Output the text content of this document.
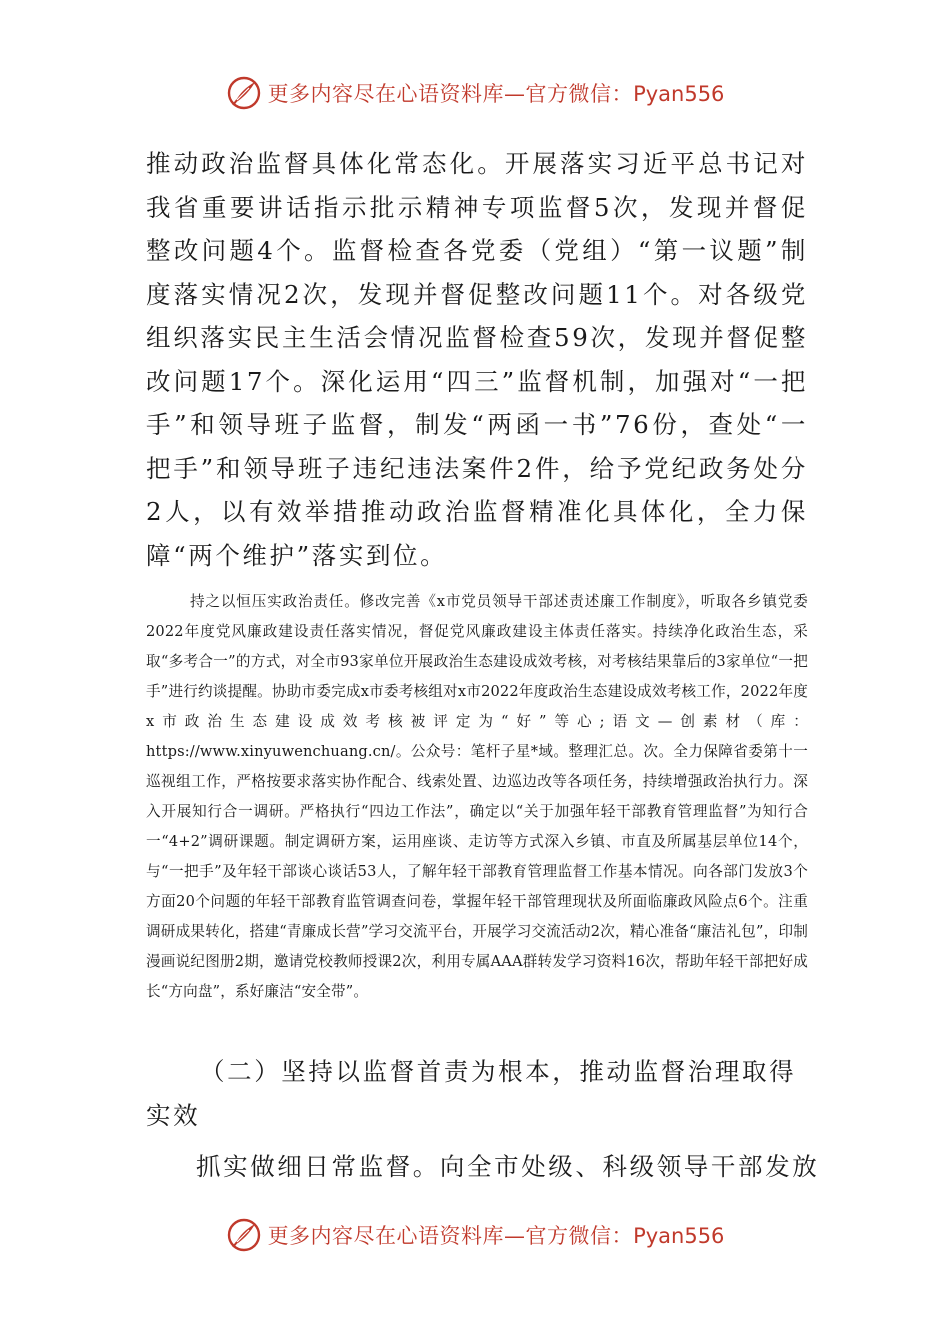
更多内容尽在心语资料库—官方微信：Pyan556

推动政治监督具体化常态化。开展落实习近平总书记对我省重要讲话指示批示精神专项监督5次，发现并督促整改问题4个。监督检查各党委（党组）“第一议题”制度落实情况2次，发现并督促整改问题11个。对各级党组织落实民主生活会情况监督检查59次，发现并督促整改问题17个。深化运用“四三”监督机制，加强对“一把手”和领导班子监督，制发“两函一书”76份，查处“一把手”和领导班子违纪违法案件2件，给予党纪政务处分2人，以有效举措推动政治监督精准化具体化，全力保障“两个维护”落实到位。

持之以恒压实政治责任。修改完善《x市党员领导干部述责述廉工作制度》，听取各乡镇党委2022年度党风廉政建设责任落实情况，督促党风廉政建设主体责任落实。持续净化政治生态，采取“多考合一”的方式，对全市93家单位开展政治生态建设成效考核，对考核结果靠后的3家单位“一把手”进行约谈提醒。协助市委完成x市委考核组对x市2022年度政治生态建设成效考核工作，2022年度x市政治生态建设成效考核被评定为“好”等心;语文—创素材（库：https://www.xinyuwenchuang.cn/。公众号：笔杆子星*域。整理汇总。次。全力保障省委第十一巡视组工作，严格按要求落实协作配合、线索处置、边巡边改等各项任务，持续增强政治执行力。深入开展知行合一调研。严格执行“四边工作法”，确定以“关于加强年轻干部教育管理监督”为知行合一“4+2”调研课题。制定调研方案，运用座谈、走访等方式深入乡镇、市直及所属基层单位14个，与“一把手”及年轻干部谈心谈话53人，了解年轻干部教育管理监督工作基本情况。向各部门发放3个方面20个问题的年轻干部教育监管调查问卷，掌握年轻干部管理现状及所面临廉政风险点6个。注重调研成果转化，搭建“青廉成长营”学习交流平台，开展学习交流活动2次，精心准备“廉洁礼包”，印制漫画说纪图册2期，邀请党校教师授课2次，利用专属AAA群转发学习资料16次，帮助年轻干部把好成长“方向盘”，系好廉洁“安全带”。

（二）坚持以监督首责为根本，推动监督治理取得实效

抓实做细日常监督。向全市处级、科级领导干部发放

更多内容尽在心语资料库—官方微信：Pyan556
